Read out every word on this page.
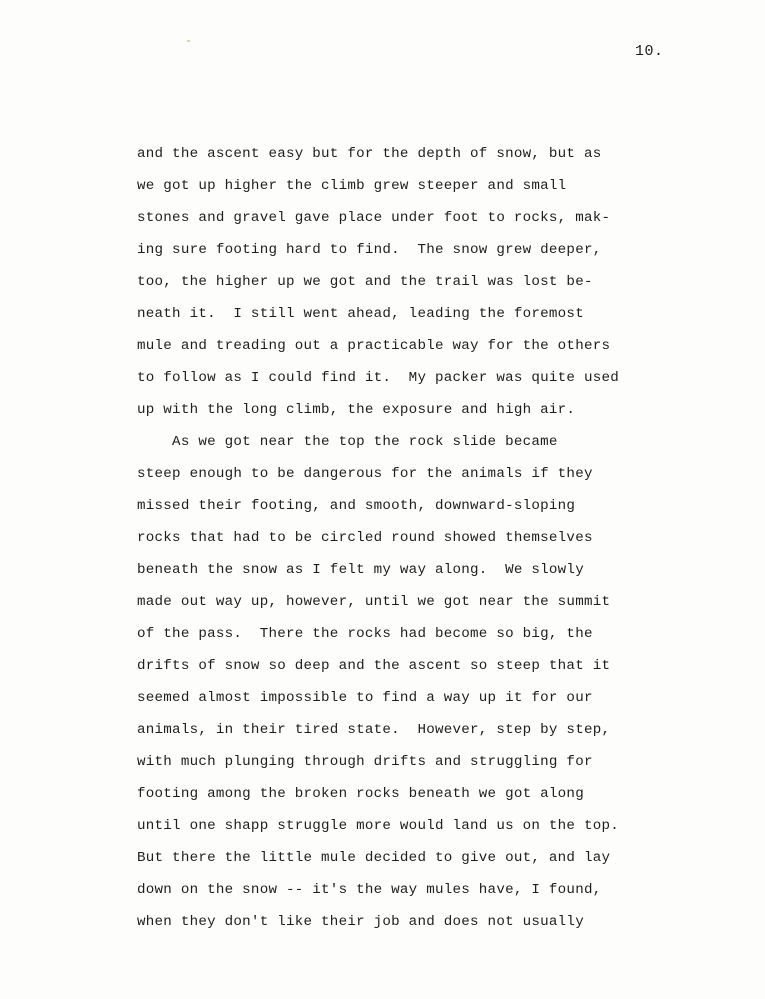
10.
and the ascent easy but for the depth of snow, but as
we got up higher the climb grew steeper and small
stones and gravel gave place under foot to rocks, mak-
ing sure footing hard to find.  The snow grew deeper,
too, the higher up we got and the trail was lost be-
neath it.  I still went ahead, leading the foremost
mule and treading out a practicable way for the others
to follow as I could find it.  My packer was quite used
up with the long climb, the exposure and high air.
As we got near the top the rock slide became
steep enough to be dangerous for the animals if they
missed their footing, and smooth, downward-sloping
rocks that had to be circled round showed themselves
beneath the snow as I felt my way along.  We slowly
made out way up, however, until we got near the summit
of the pass.  There the rocks had become so big, the
drifts of snow so deep and the ascent so steep that it
seemed almost impossible to find a way up it for our
animals, in their tired state.  However, step by step,
with much plunging through drifts and struggling for
footing among the broken rocks beneath we got along
until one shapp struggle more would land us on the top.
But there the little mule decided to give out, and lay
down on the snow -- it's the way mules have, I found,
when they don't like their job and does not usually
